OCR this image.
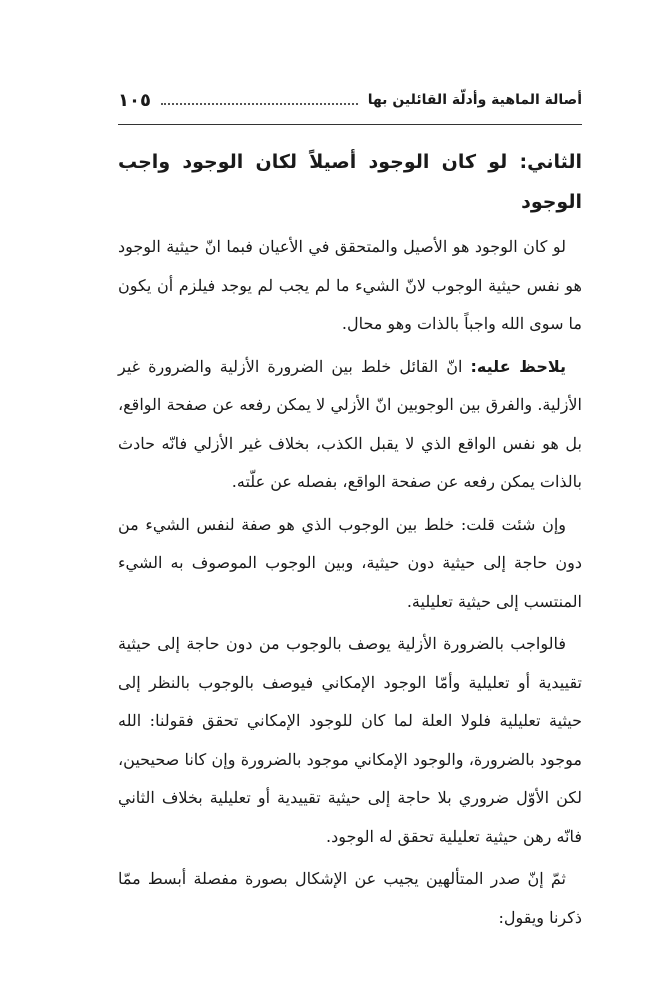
أصالة الماهية وأدلّة القائلين بها
١٠٥
الثاني: لو كان الوجود أصيلاً لكان الوجود واجب الوجود

لو كان الوجود هو الأصيل والمتحقق في الأعيان فبما انّ حيثية الوجود هو نفس حيثية الوجوب لانّ الشيء ما لم يجب لم يوجد فيلزم أن يكون ما سوى الله واجباً بالذات وهو محال.

يلاحظ عليه: انّ القائل خلط بين الضرورة الأزلية والضرورة غير الأزلية. والفرق بين الوجوبين انّ الأزلي لا يمكن رفعه عن صفحة الواقع، بل هو نفس الواقع الذي لا يقبل الكذب، بخلاف غير الأزلي فانّه حادث بالذات يمكن رفعه عن صفحة الواقع، بفصله عن علّته.

وإن شئت قلت: خلط بين الوجوب الذي هو صفة لنفس الشيء من دون حاجة إلى حيثية دون حيثية، وبين الوجوب الموصوف به الشيء المنتسب إلى حيثية تعليلية.

فالواجب بالضرورة الأزلية يوصف بالوجوب من دون حاجة إلى حيثية تقييدية أو تعليلية وأمّا الوجود الإمكاني فيوصف بالوجوب بالنظر إلى حيثية تعليلية فلولا العلة لما كان للوجود الإمكاني تحقق فقولنا: الله موجود بالضرورة، والوجود الإمكاني موجود بالضرورة وإن كانا صحيحين، لكن الأوّل ضروري بلا حاجة إلى حيثية تقييدية أو تعليلية بخلاف الثاني فانّه رهن حيثية تعليلية تحقق له الوجود.

ثمّ إنّ صدر المتألهين يجيب عن الإشكال بصورة مفصلة أبسط ممّا ذكرنا ويقول:
